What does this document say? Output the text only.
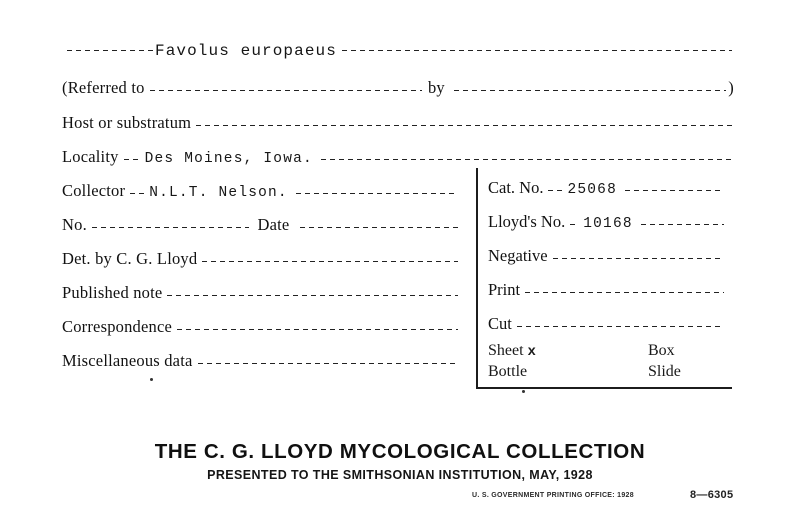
Favolus europaeus
(Referred to	by	)
Host or substratum
Locality Des Moines, Iowa.
Collector N.L.T. Nelson.
No.	Date
Det. by C. G. Lloyd
Published note
Correspondence
Miscellaneous data
Cat. No. 25068
Lloyd's No. 10168
Negative
Print
Cut
Sheet x	Box
Bottle	Slide
THE C. G. LLOYD MYCOLOGICAL COLLECTION
PRESENTED TO THE SMITHSONIAN INSTITUTION, MAY, 1928
U. S. GOVERNMENT PRINTING OFFICE: 1928	8—6305
